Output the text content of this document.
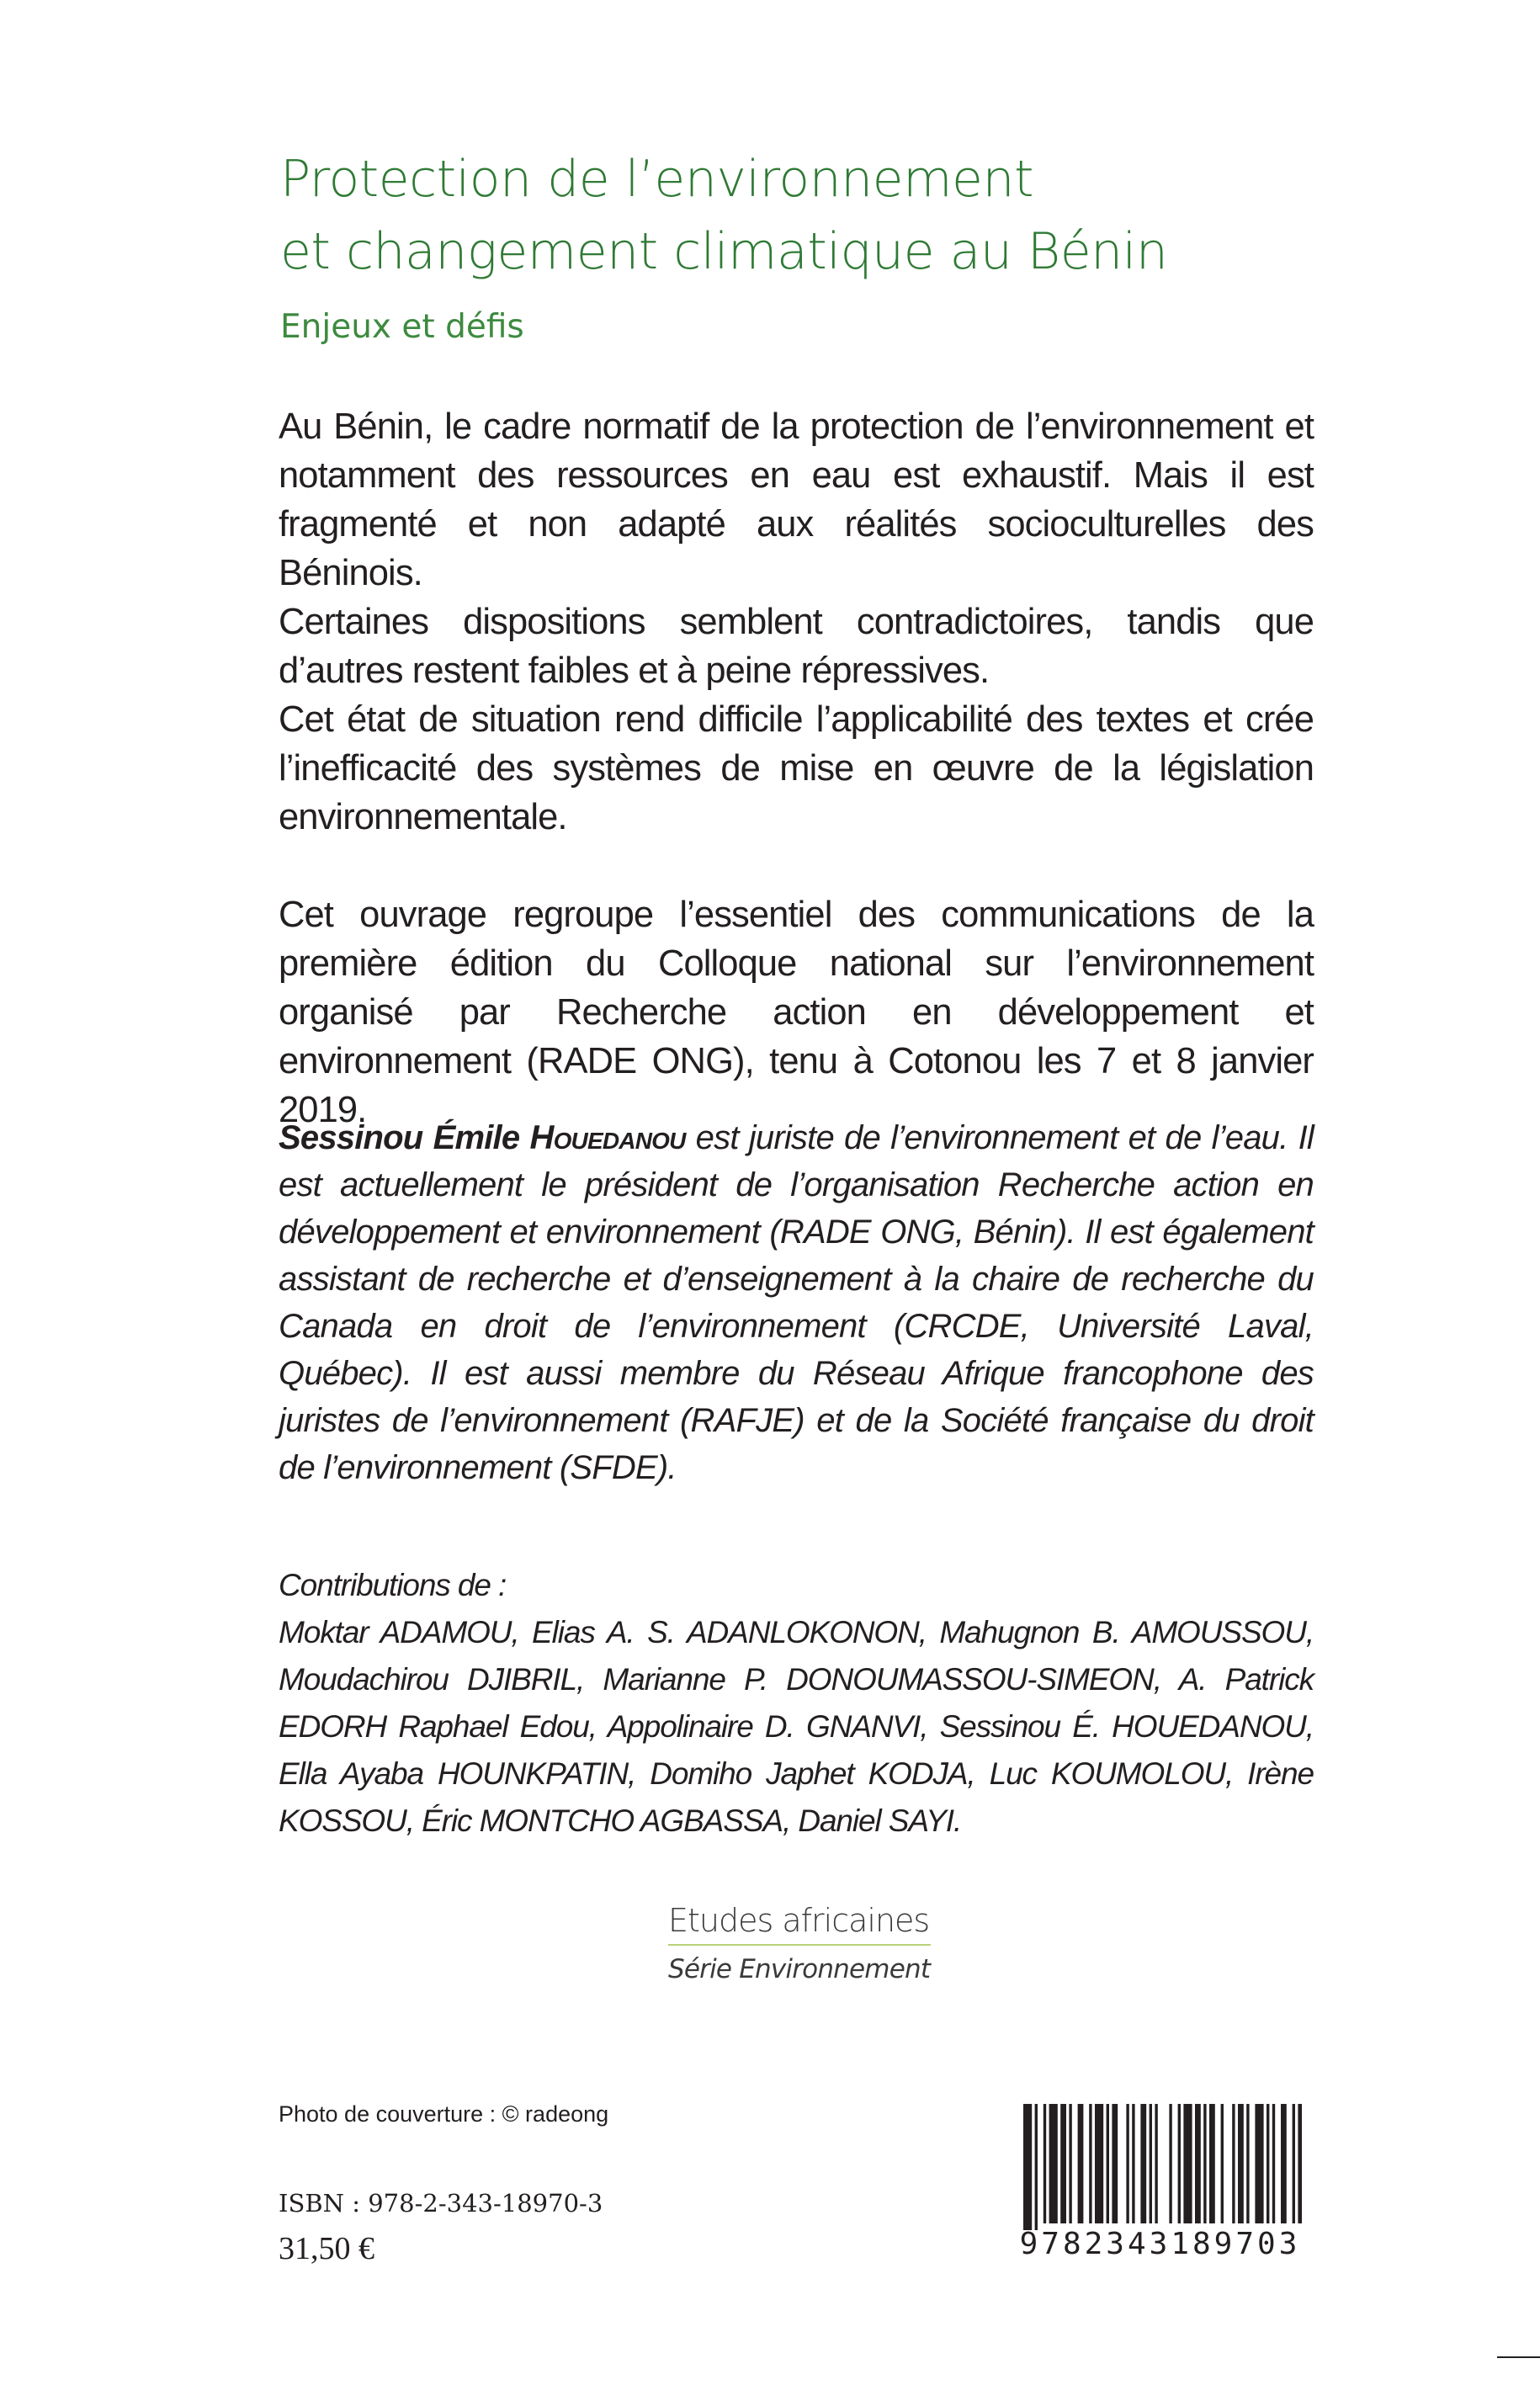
Protection de l’environnement
et changement climatique au Bénin
Enjeux et défis

Au Bénin, le cadre normatif de la protection de l’environnement et notamment des ressources en eau est exhaustif. Mais il est fragmenté et non adapté aux réalités socioculturelles des Béninois.

Certaines dispositions semblent contradictoires, tandis que d’autres restent faibles et à peine répressives.

Cet état de situation rend difficile l’applicabilité des textes et crée l’inefficacité des systèmes de mise en œuvre de la législation environnementale.

Cet ouvrage regroupe l’essentiel des communications de la première édition du Colloque national sur l’environnement organisé par Recherche action en développement et environnement (RADE ONG), tenu à Cotonou les 7 et 8 janvier 2019.

Sessinou Émile Houedanou est juriste de l’environnement et de l’eau. Il est actuellement le président de l’organisation Recherche action en développement et environnement (RADE ONG, Bénin). Il est également assistant de recherche et d’enseignement à la chaire de recherche du Canada en droit de l’environnement (CRCDE, Université Laval, Québec). Il est aussi membre du Réseau Afrique francophone des juristes de l’environnement (RAFJE) et de la Société française du droit de l’environnement (SFDE).
Contributions de :
Moktar ADAMOU, Elias A. S. ADANLOKONON, Mahugnon B. AMOUSSOU, Moudachirou DJIBRIL, Marianne P. DONOUMASSOU-SIMEON, A. Patrick EDORH Raphael Edou, Appolinaire D. GNANVI, Sessinou É. HOUEDANOU, Ella Ayaba HOUNKPATIN, Domiho Japhet KODJA, Luc KOUMOLOU, Irène KOSSOU, Éric MONTCHO AGBASSA, Daniel SAYI.
Etudes africaines
Série Environnement
Photo de couverture : © radeong
ISBN : 978-2-343-18970-3
31,50 €	9782343189703
